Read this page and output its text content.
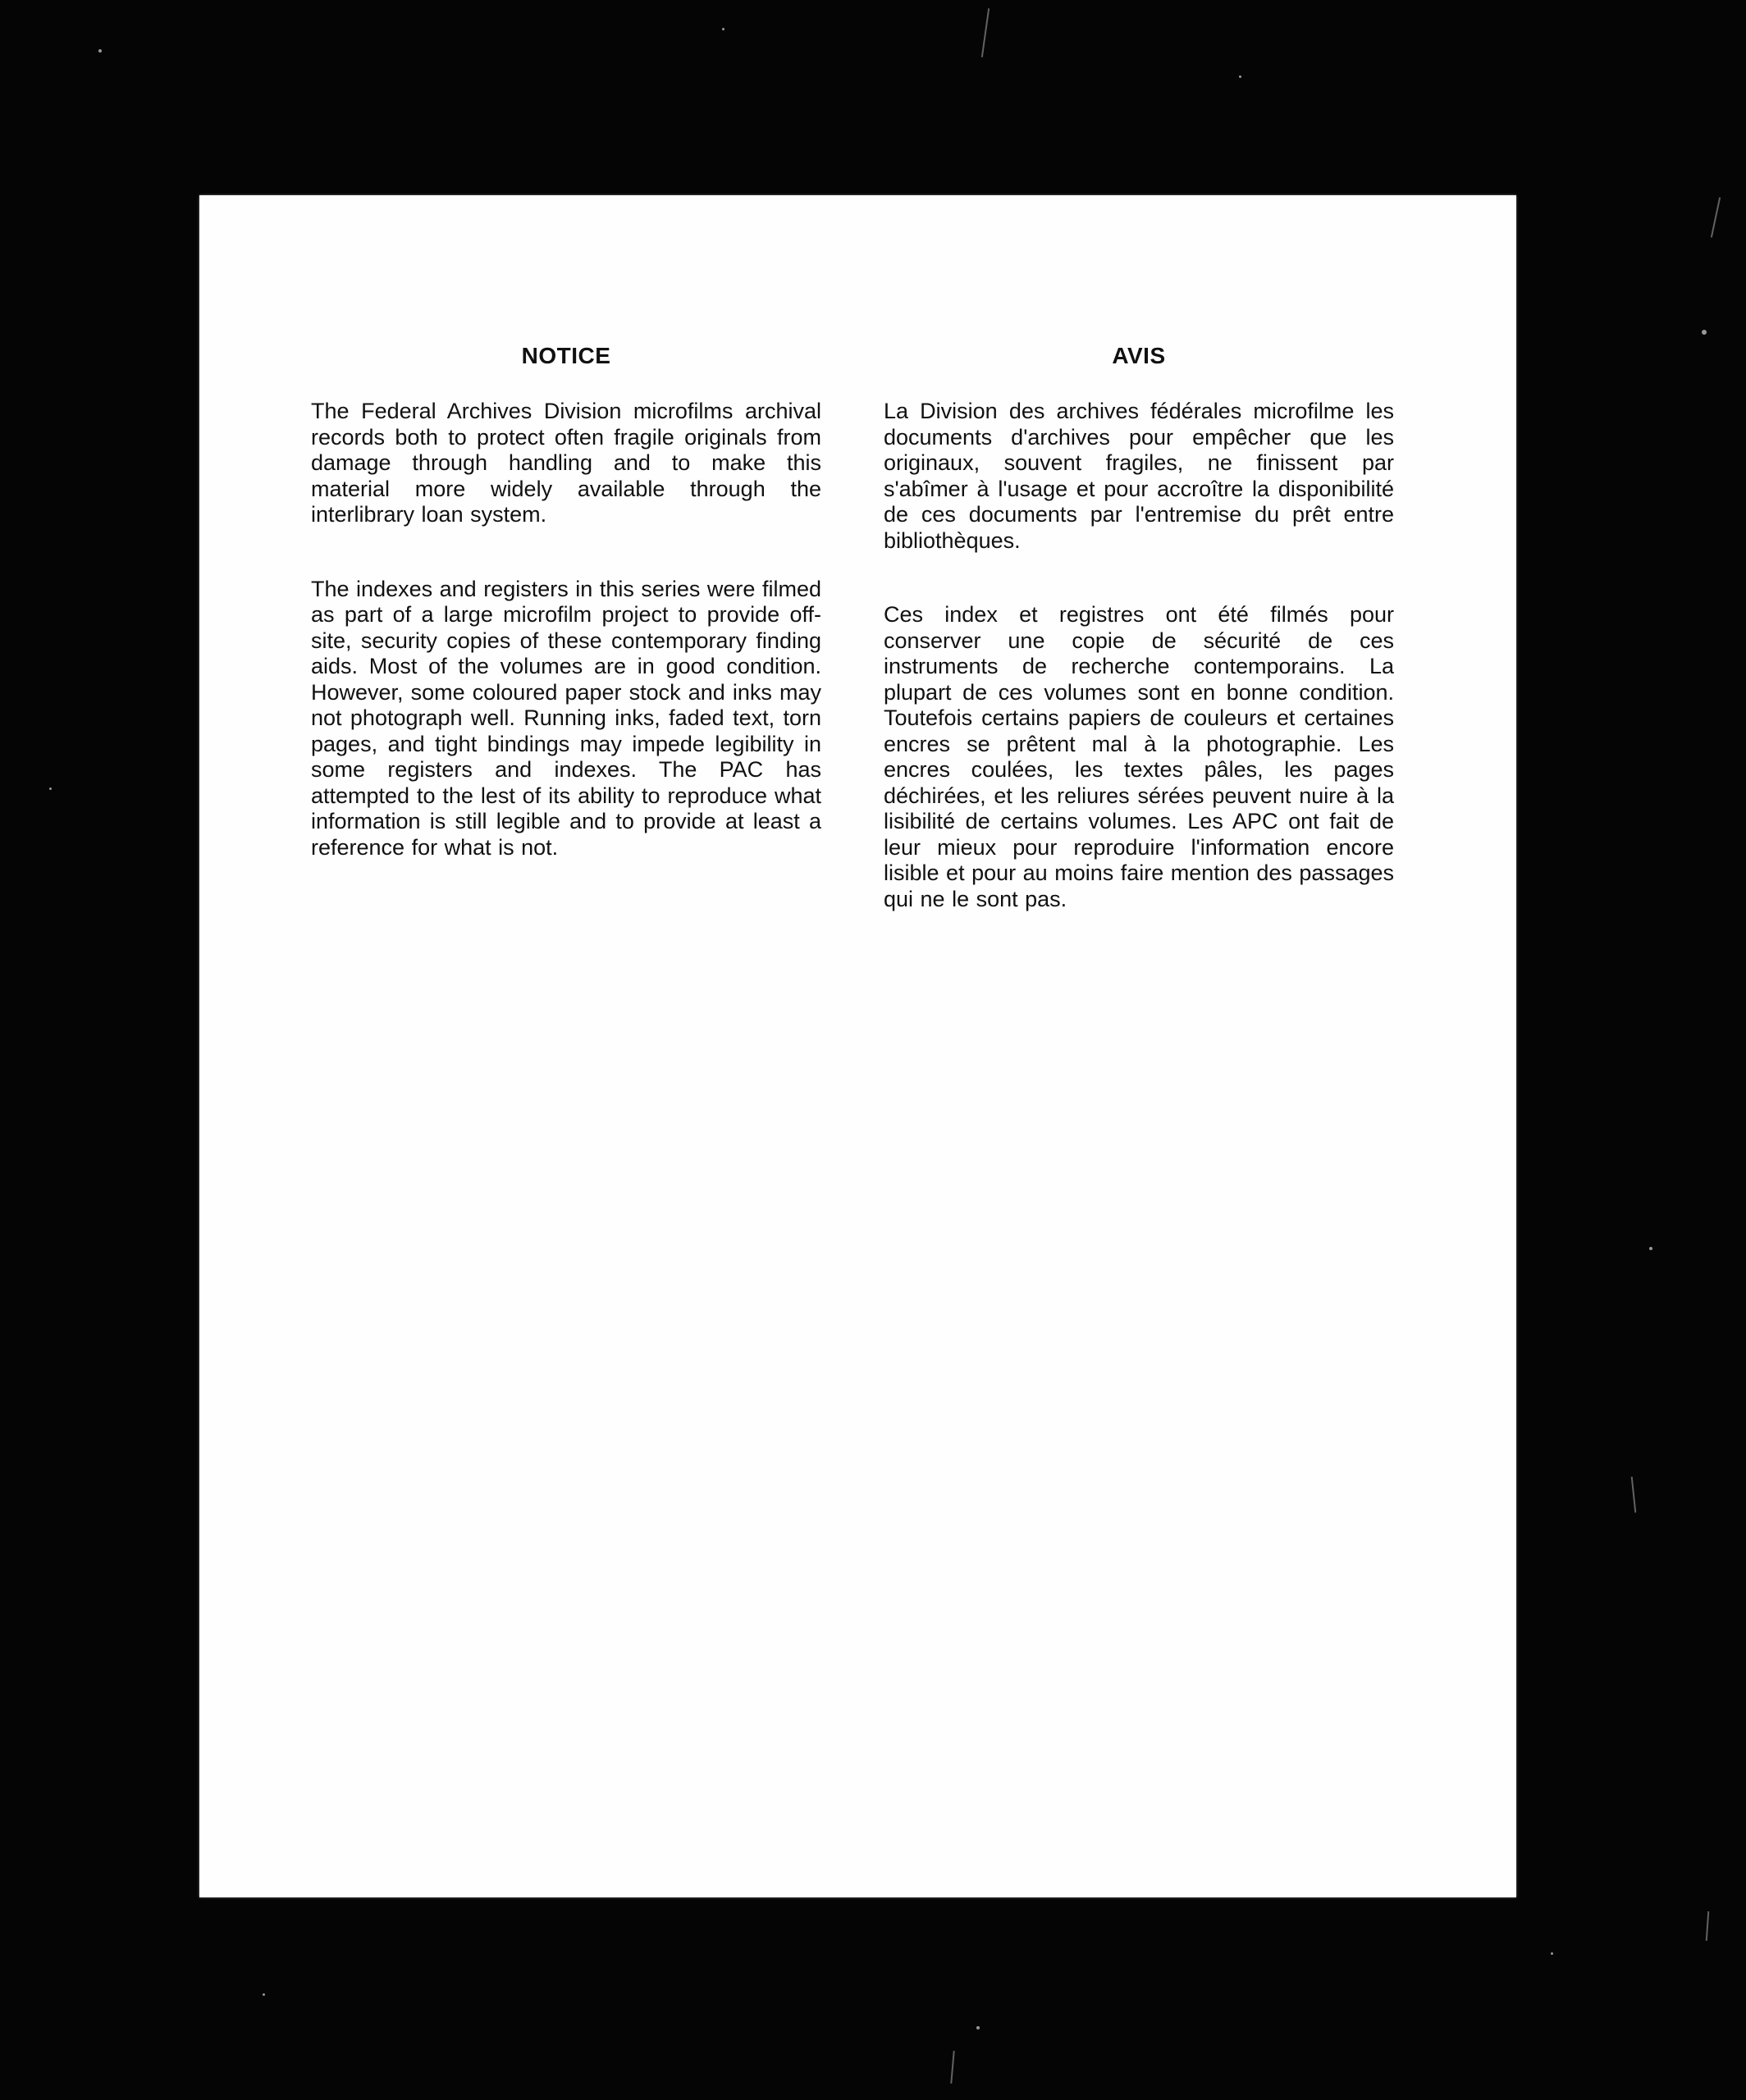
NOTICE

The Federal Archives Division microfilms archival records both to protect often fragile originals from damage through handling and to make this material more widely available through the interlibrary loan system.

The indexes and registers in this series were filmed as part of a large microfilm project to provide off-site, security copies of these contemporary finding aids. Most of the volumes are in good condition. However, some coloured paper stock and inks may not photograph well. Running inks, faded text, torn pages, and tight bindings may impede legibility in some registers and indexes. The PAC has attempted to the lest of its ability to reproduce what information is still legible and to provide at least a reference for what is not.

AVIS

La Division des archives fédérales microfilme les documents d'archives pour empêcher que les originaux, souvent fragiles, ne finissent par s'abîmer à l'usage et pour accroître la disponibilité de ces documents par l'entremise du prêt entre bibliothèques.

Ces index et registres ont été filmés pour conserver une copie de sécurité de ces instruments de recherche contemporains. La plupart de ces volumes sont en bonne condition. Toutefois certains papiers de couleurs et certaines encres se prêtent mal à la photographie. Les encres coulées, les textes pâles, les pages déchirées, et les reliures sérées peuvent nuire à la lisibilité de certains volumes. Les APC ont fait de leur mieux pour reproduire l'information encore lisible et pour au moins faire mention des passages qui ne le sont pas.
